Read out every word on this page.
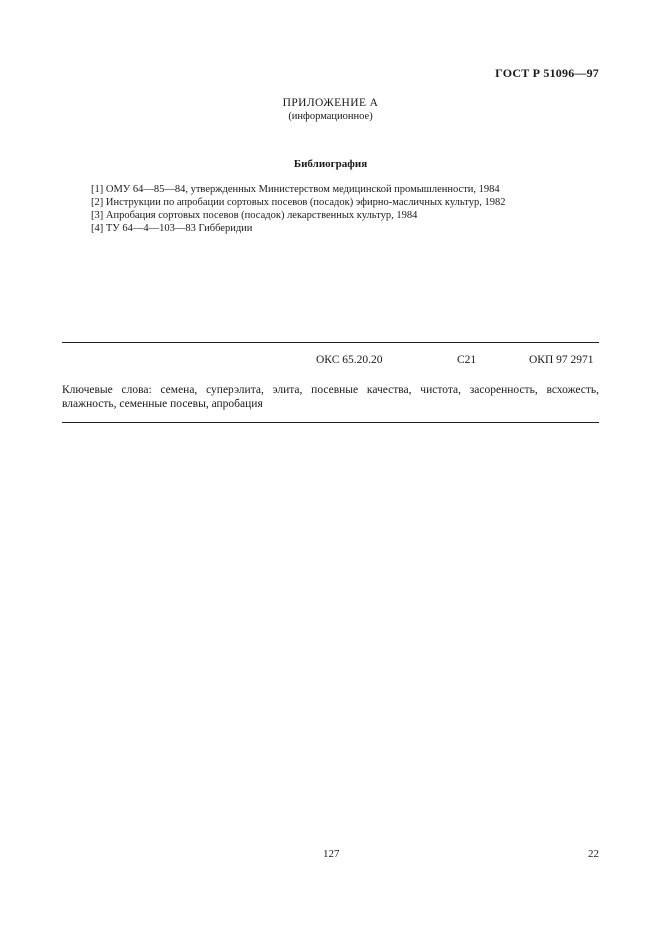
ГОСТ Р 51096—97
ПРИЛОЖЕНИЕ А
(информационное)
Библиография
[1] ОМУ 64—85—84, утвержденных Министерством медицинской промышленности, 1984
[2] Инструкции по апробации сортовых посевов (посадок) эфирно-масличных культур, 1982
[3] Апробация сортовых посевов (посадок) лекарственных культур, 1984
[4] ТУ 64—4—103—83 Гибберидии
ОКС 65.20.20	С21	ОКП 97 2971
Ключевые слова: семена, суперэлита, элита, посевные качества, чистота, засоренность, всхожесть, влажность, семенные посевы, апробация
127	22
